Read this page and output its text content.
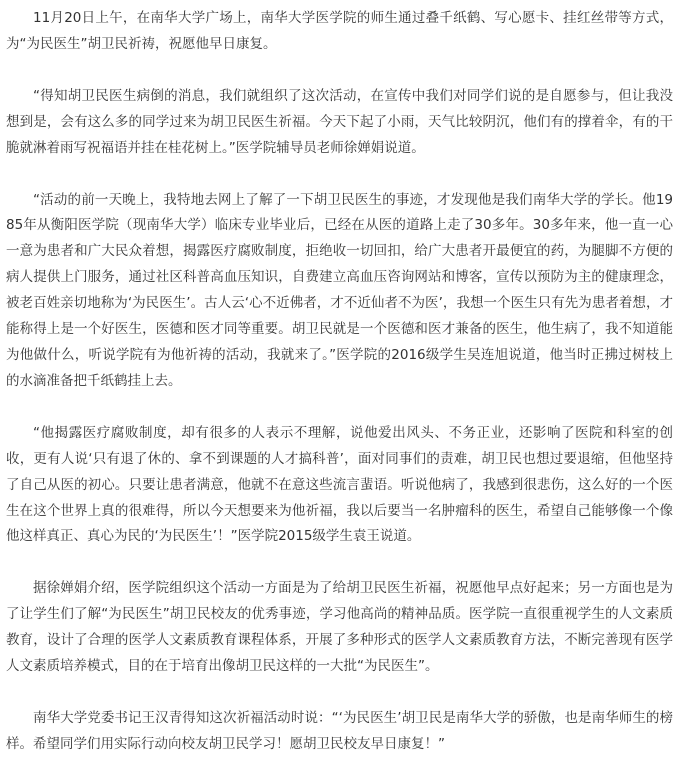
11月20日上午，在南华大学广场上，南华大学医学院的师生通过叠千纸鹤、写心愿卡、挂红丝带等方式，为“为民医生”胡卫民祈祷，祝愿他早日康复。

“得知胡卫民医生病倒的消息，我们就组织了这次活动，在宣传中我们对同学们说的是自愿参与，但让我没想到是，会有这么多的同学过来为胡卫民医生祈福。今天下起了小雨，天气比较阴沉，他们有的撑着伞，有的干脆就淋着雨写祝福语并挂在桂花树上。”医学院辅导员老师徐婵娟说道。

“活动的前一天晚上，我特地去网上了解了一下胡卫民医生的事迹，才发现他是我们南华大学的学长。他1985年从衡阳医学院（现南华大学）临床专业毕业后，已经在从医的道路上走了30多年。30多年来，他一直一心一意为患者和广大民众着想，揭露医疗腐败制度，拒绝收一切回扣，给广大患者开最便宜的药，为腿脚不方便的病人提供上门服务，通过社区科普高血压知识，自费建立高血压咨询网站和博客，宣传以预防为主的健康理念，被老百姓亲切地称为‘为民医生’。古人云‘心不近佛者，才不近仙者不为医’，我想一个医生只有先为患者着想，才能称得上是一个好医生，医德和医才同等重要。胡卫民就是一个医德和医才兼备的医生，他生病了，我不知道能为他做什么，听说学院有为他祈祷的活动，我就来了。”医学院的2016级学生吴连旭说道，他当时正拂过树枝上的水滴准备把千纸鹤挂上去。

“他揭露医疗腐败制度，却有很多的人表示不理解，说他爱出风头、不务正业，还影响了医院和科室的创收，更有人说‘只有退了休的、拿不到课题的人才搞科普’，面对同事们的责难，胡卫民也想过要退缩，但他坚持了自己从医的初心。只要让患者满意，他就不在意这些流言蜚语。听说他病了，我感到很悲伤，这么好的一个医生在这个世界上真的很难得，所以今天想要来为他祈福，我以后要当一名肿瘤科的医生，希望自己能够像一个像他这样真正、真心为民的‘为民医生’！”医学院2015级学生袁王说道。

据徐婵娟介绍，医学院组织这个活动一方面是为了给胡卫民医生祈福，祝愿他早点好起来；另一方面也是为了让学生们了解“为民医生”胡卫民校友的优秀事迹，学习他高尚的精神品质。医学院一直很重视学生的人文素质教育，设计了合理的医学人文素质教育课程体系，开展了多种形式的医学人文素质教育方法，不断完善现有医学人文素质培养模式，目的在于培育出像胡卫民这样的一大批“为民医生”。

南华大学党委书记王汉青得知这次祈福活动时说：“‘为民医生’胡卫民是南华大学的骄傲，也是南华师生的榜样。希望同学们用实际行动向校友胡卫民学习！愿胡卫民校友早日康复！”
